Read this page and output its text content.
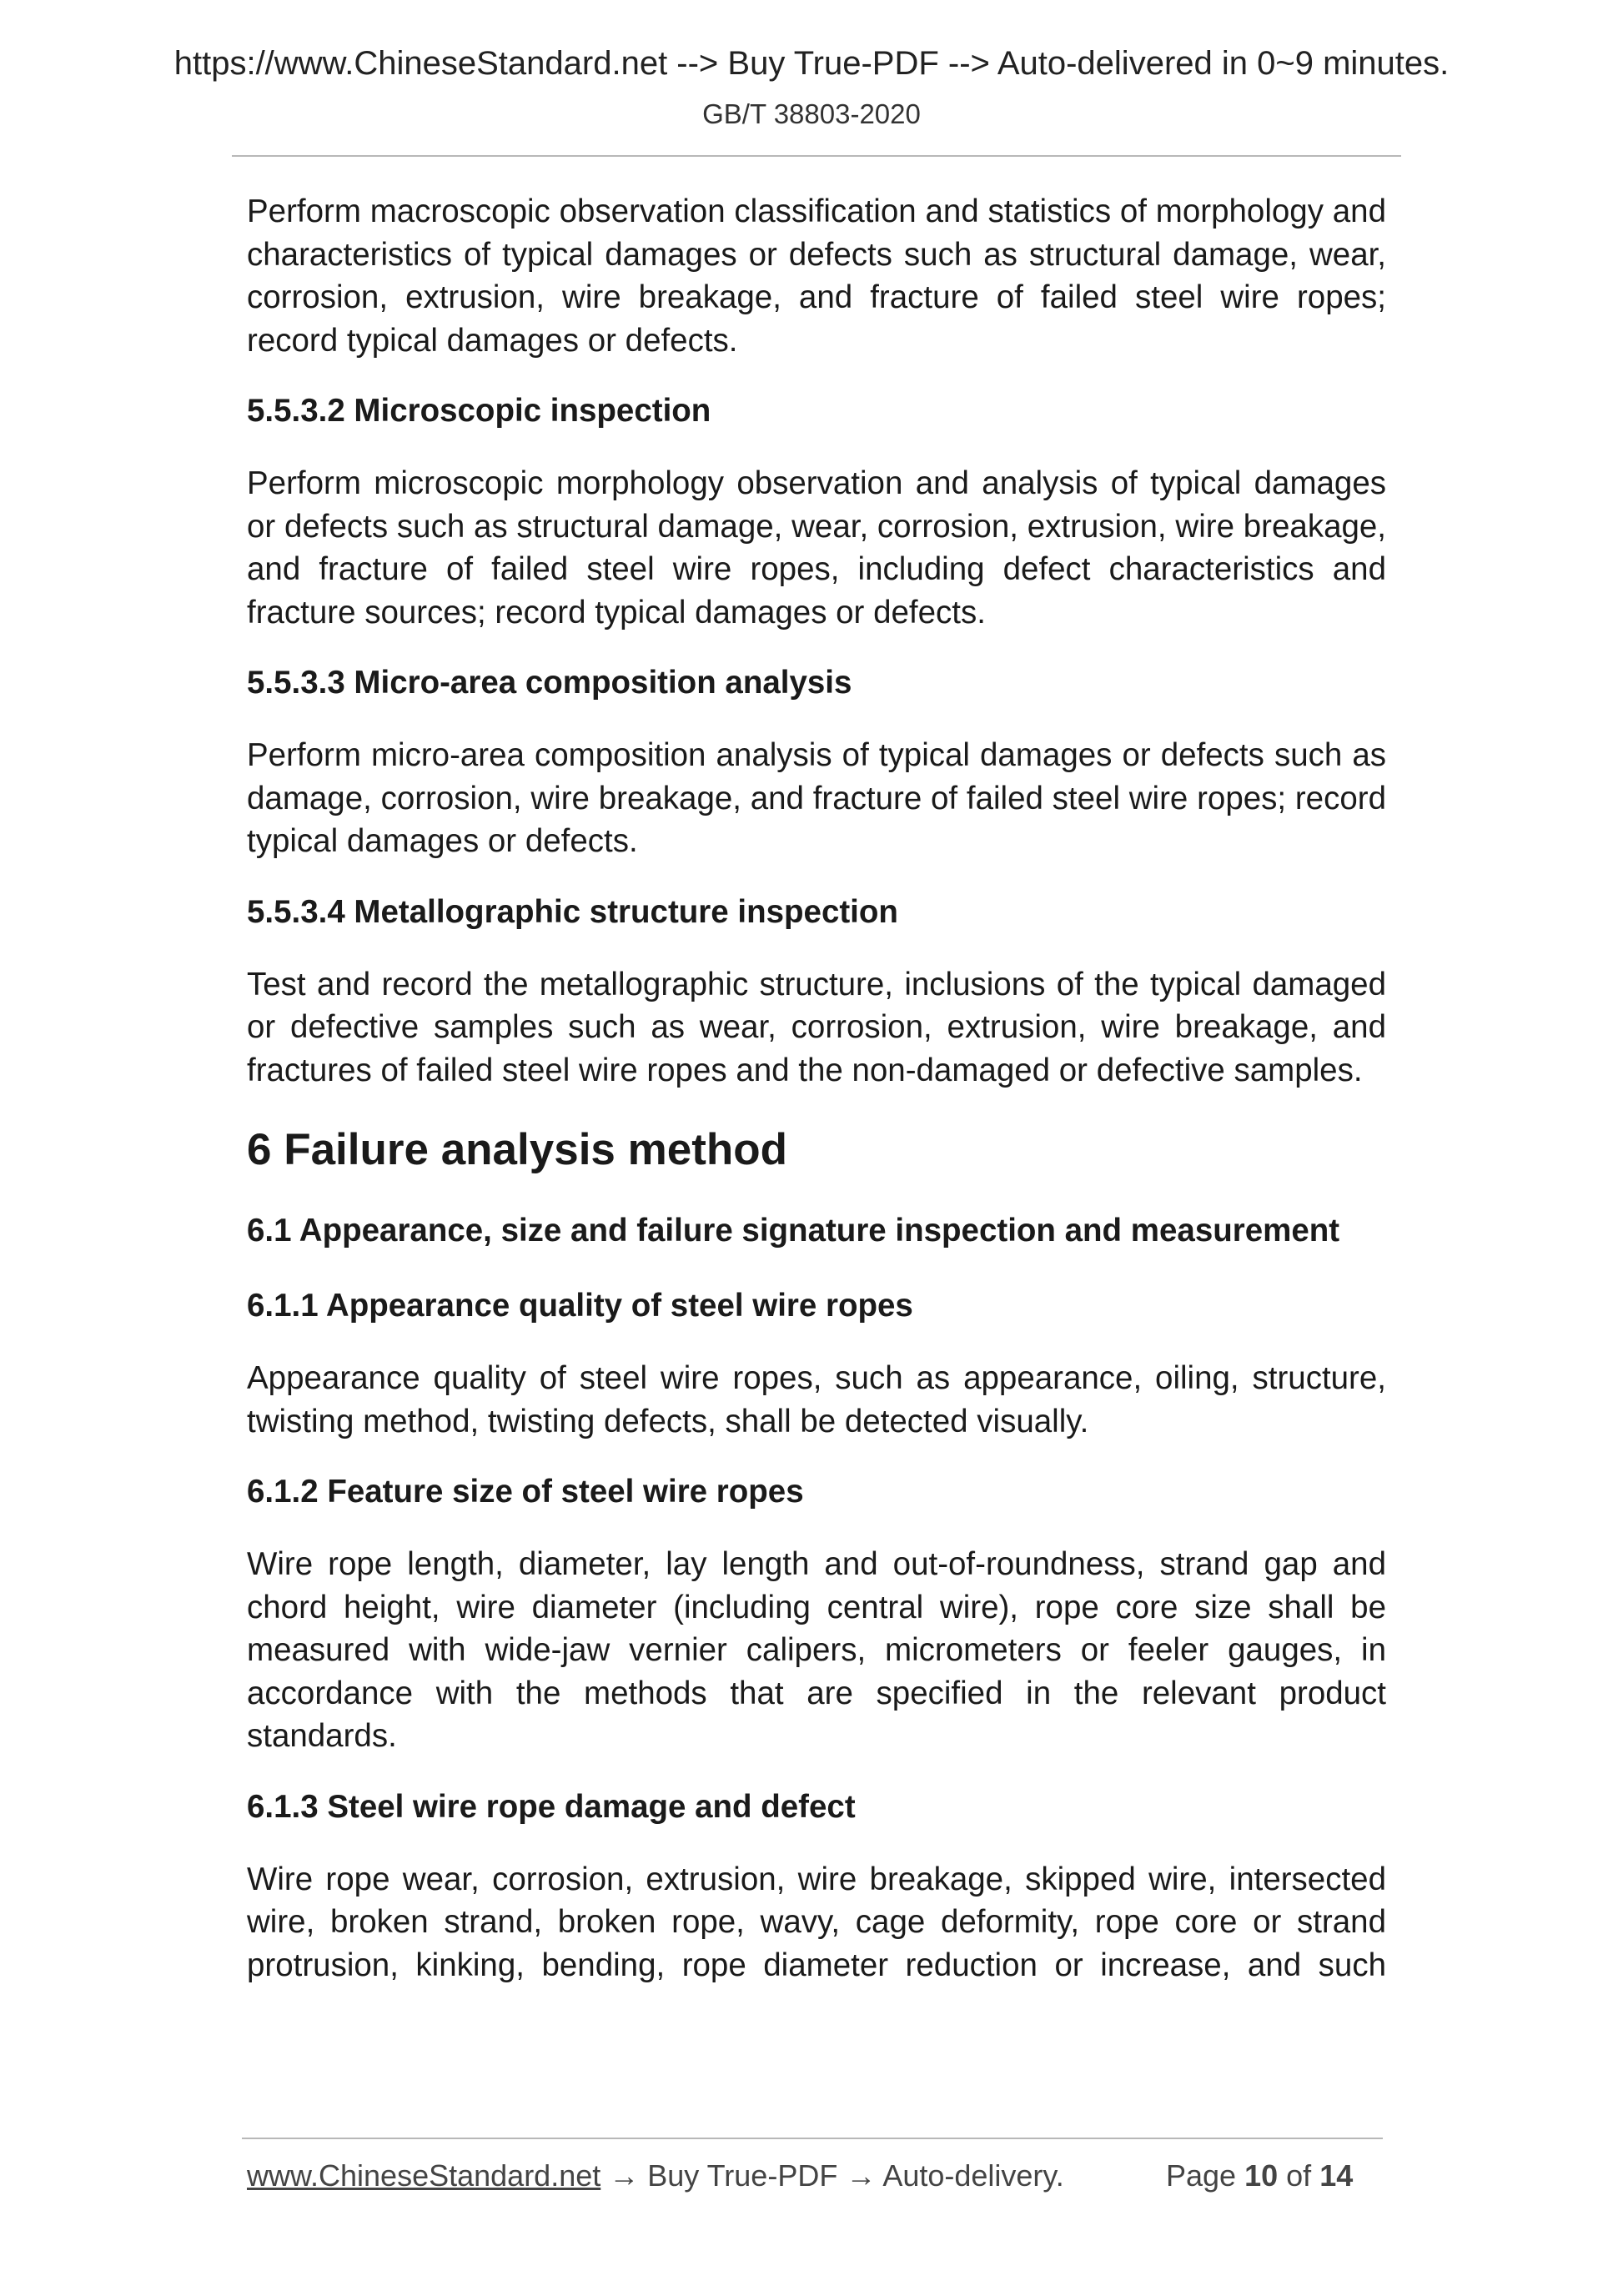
https://www.ChineseStandard.net --> Buy True-PDF --> Auto-delivered in 0~9 minutes.
GB/T 38803-2020

Perform macroscopic observation classification and statistics of morphology and characteristics of typical damages or defects such as structural damage, wear, corrosion, extrusion, wire breakage, and fracture of failed steel wire ropes; record typical damages or defects.

5.5.3.2 Microscopic inspection

Perform microscopic morphology observation and analysis of typical damages or defects such as structural damage, wear, corrosion, extrusion, wire breakage, and fracture of failed steel wire ropes, including defect characteristics and fracture sources; record typical damages or defects.

5.5.3.3 Micro-area composition analysis

Perform micro-area composition analysis of typical damages or defects such as damage, corrosion, wire breakage, and fracture of failed steel wire ropes; record typical damages or defects.

5.5.3.4 Metallographic structure inspection

Test and record the metallographic structure, inclusions of the typical damaged or defective samples such as wear, corrosion, extrusion, wire breakage, and fractures of failed steel wire ropes and the non-damaged or defective samples.

6 Failure analysis method

6.1 Appearance, size and failure signature inspection and measurement

6.1.1 Appearance quality of steel wire ropes

Appearance quality of steel wire ropes, such as appearance, oiling, structure, twisting method, twisting defects, shall be detected visually.

6.1.2 Feature size of steel wire ropes

Wire rope length, diameter, lay length and out-of-roundness, strand gap and chord height, wire diameter (including central wire), rope core size shall be measured with wide-jaw vernier calipers, micrometers or feeler gauges, in accordance with the methods that are specified in the relevant product standards.

6.1.3 Steel wire rope damage and defect

Wire rope wear, corrosion, extrusion, wire breakage, skipped wire, intersected wire, broken strand, broken rope, wavy, cage deformity, rope core or strand protrusion, kinking, bending, rope diameter reduction or increase, and such

www.ChineseStandard.net → Buy True-PDF → Auto-delivery.	Page 10 of 14
